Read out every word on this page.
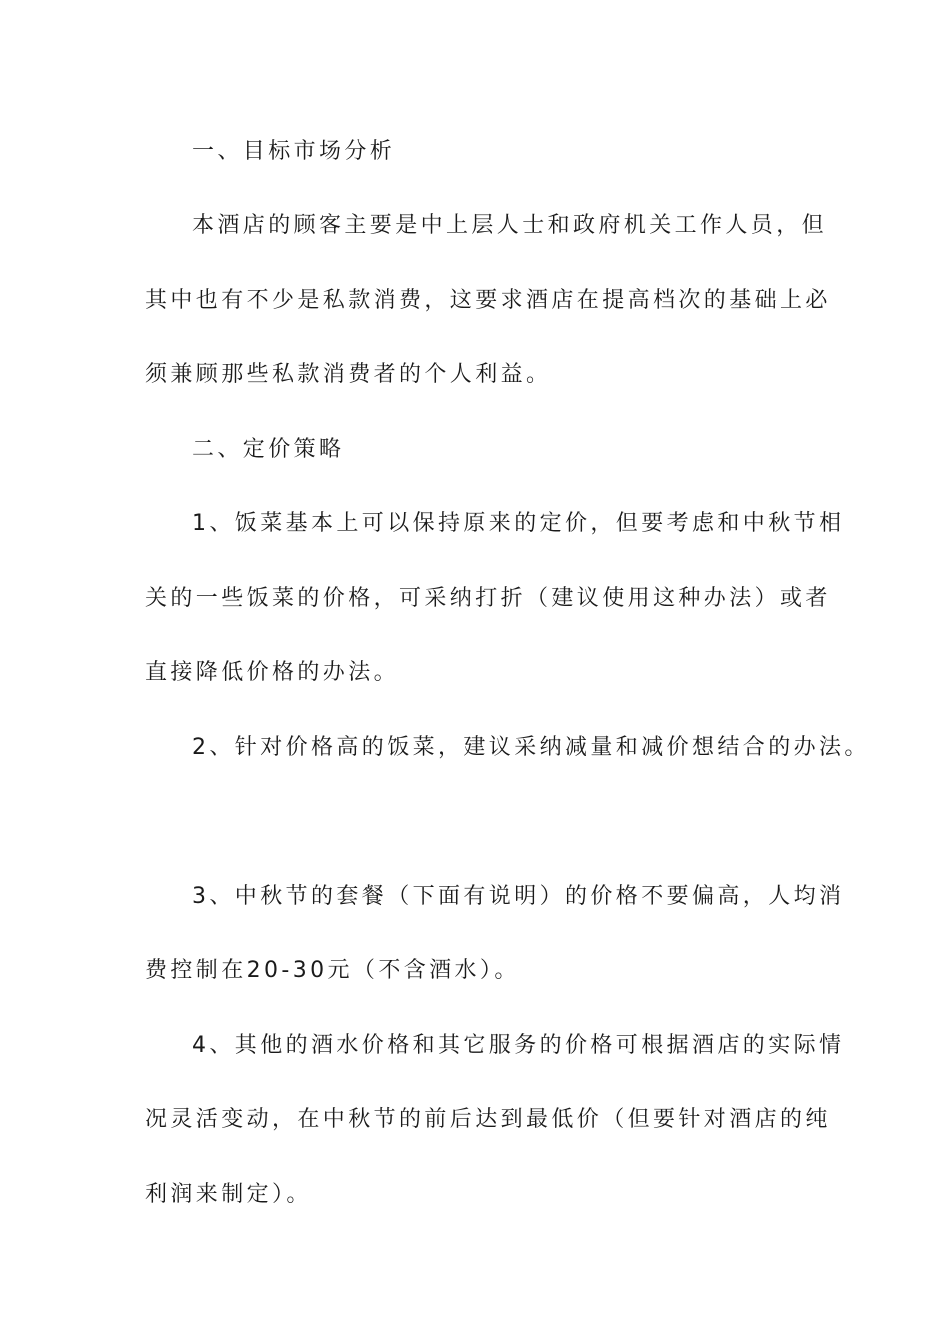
一、目标市场分析
本酒店的顾客主要是中上层人士和政府机关工作人员，但
其中也有不少是私款消费，这要求酒店在提高档次的基础上必
须兼顾那些私款消费者的个人利益。
二、定价策略
1、饭菜基本上可以保持原来的定价，但要考虑和中秋节相
关的一些饭菜的价格，可采纳打折（建议使用这种办法）或者
直接降低价格的办法。
2、针对价格高的饭菜，建议采纳减量和减价想结合的办法。
3、中秋节的套餐（下面有说明）的价格不要偏高，人均消
费控制在20-30元（不含酒水）。
4、其他的酒水价格和其它服务的价格可根据酒店的实际情
况灵活变动，在中秋节的前后达到最低价（但要针对酒店的纯
利润来制定）。
